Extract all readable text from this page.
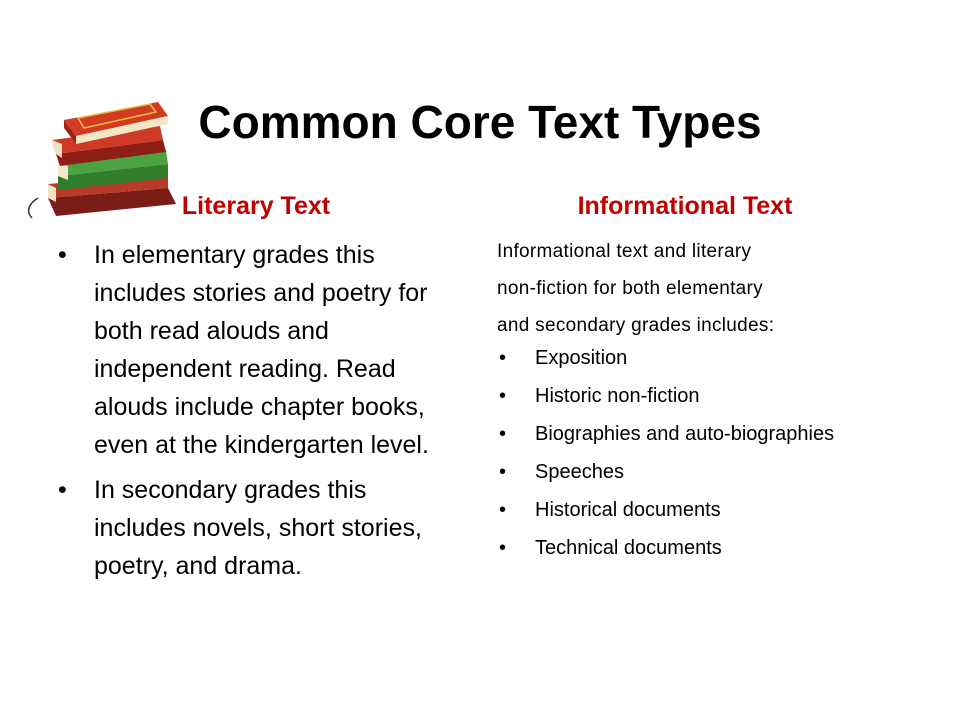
Common Core Text Types
Literary Text	Informational Text
• In elementary grades this includes stories and poetry for both read alouds and independent reading. Read alouds include chapter books, even at the kindergarten level.
• In secondary grades this includes novels, short stories, poetry, and drama.
Informational text and literary
non-fiction for both elementary
and secondary grades includes:
• Exposition
• Historic non-fiction
• Biographies and auto-biographies
• Speeches
• Historical documents
• Technical documents
